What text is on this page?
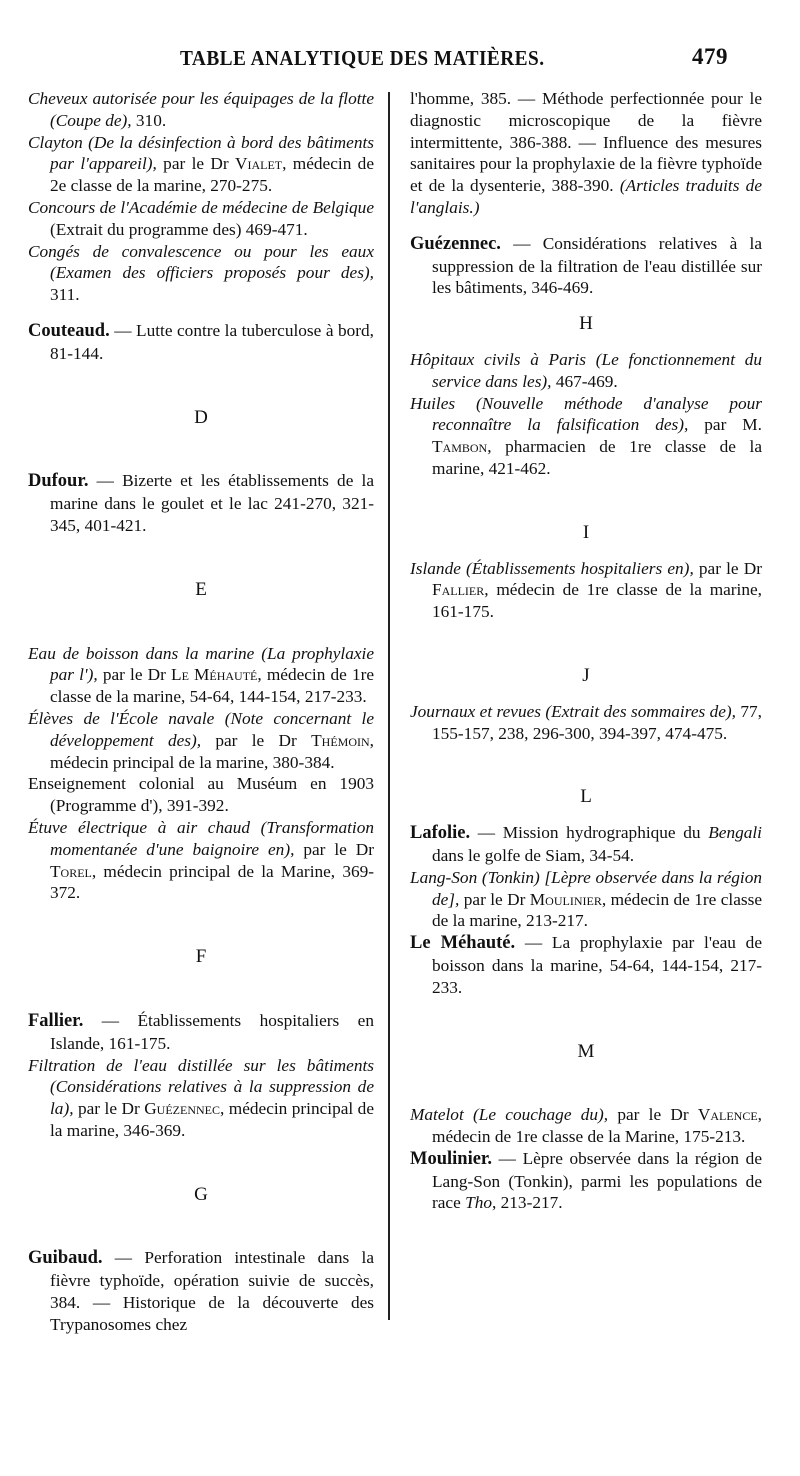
TABLE ANALYTIQUE DES MATIÈRES.	479

Cheveux autorisée pour les équipages de la flotte (Coupe de), 310.

Clayton (De la désinfection à bord des bâtiments par l'appareil), par le Dr Vialet, médecin de 2e classe de la marine, 270-275.

Concours de l'Académie de médecine de Belgique (Extrait du programme des) 469-471.

Congés de convalescence ou pour les eaux (Examen des officiers proposés pour des), 311.

Couteaud. — Lutte contre la tuberculose à bord, 81-144.

D

Dufour. — Bizerte et les établissements de la marine dans le goulet et le lac 241-270, 321-345, 401-421.

E

Eau de boisson dans la marine (La prophylaxie par l'), par le Dr Le Méhauté, médecin de 1re classe de la marine, 54-64, 144-154, 217-233.

Élèves de l'École navale (Note concernant le développement des), par le Dr Thémoin, médecin principal de la marine, 380-384.

Enseignement colonial au Muséum en 1903 (Programme d'), 391-392.

Étuve électrique à air chaud (Transformation momentanée d'une baignoire en), par le Dr Torel, médecin principal de la Marine, 369-372.

F

Fallier. — Établissements hospitaliers en Islande, 161-175.

Filtration de l'eau distillée sur les bâtiments (Considérations relatives à la suppression de la), par le Dr Guézennec, médecin principal de la marine, 346-369.

G

Guibaud. — Perforation intestinale dans la fièvre typhoïde, opération suivie de succès, 384. — Historique de la découverte des Trypanosomes chez

l'homme, 385. — Méthode perfectionnée pour le diagnostic microscopique de la fièvre intermittente, 386-388. — Influence des mesures sanitaires pour la prophylaxie de la fièvre typhoïde et de la dysenterie, 388-390. (Articles traduits de l'anglais.)

Guézennec. — Considérations relatives à la suppression de la filtration de l'eau distillée sur les bâtiments, 346-469.

H

Hôpitaux civils à Paris (Le fonctionnement du service dans les), 467-469.

Huiles (Nouvelle méthode d'analyse pour reconnaître la falsification des), par M. Tambon, pharmacien de 1re classe de la marine, 421-462.

I

Islande (Établissements hospitaliers en), par le Dr Fallier, médecin de 1re classe de la marine, 161-175.

J

Journaux et revues (Extrait des sommaires de), 77, 155-157, 238, 296-300, 394-397, 474-475.

L

Lafolie. — Mission hydrographique du Bengali dans le golfe de Siam, 34-54.

Lang-Son (Tonkin) [Lèpre observée dans la région de], par le Dr Moulinier, médecin de 1re classe de la marine, 213-217.

Le Méhauté. — La prophylaxie par l'eau de boisson dans la marine, 54-64, 144-154, 217-233.

M

Matelot (Le couchage du), par le Dr Valence, médecin de 1re classe de la Marine, 175-213.

Moulinier. — Lèpre observée dans la région de Lang-Son (Tonkin), parmi les populations de race Tho, 213-217.
